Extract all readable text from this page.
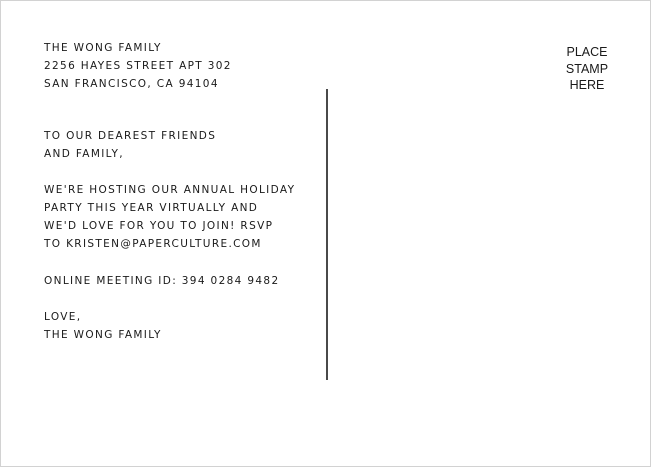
THE WONG FAMILY

2256 HAYES STREET APT 302

SAN FRANCISCO, CA 94104

TO OUR DEAREST FRIENDS

AND FAMILY,

WE'RE HOSTING OUR ANNUAL HOLIDAY

PARTY THIS YEAR VIRTUALLY AND

WE'D LOVE FOR YOU TO JOIN! RSVP

TO KRISTEN@PAPERCULTURE.COM

ONLINE MEETING ID: 394 0284 9482

LOVE,

THE WONG FAMILY

PLACE
STAMP
HERE
